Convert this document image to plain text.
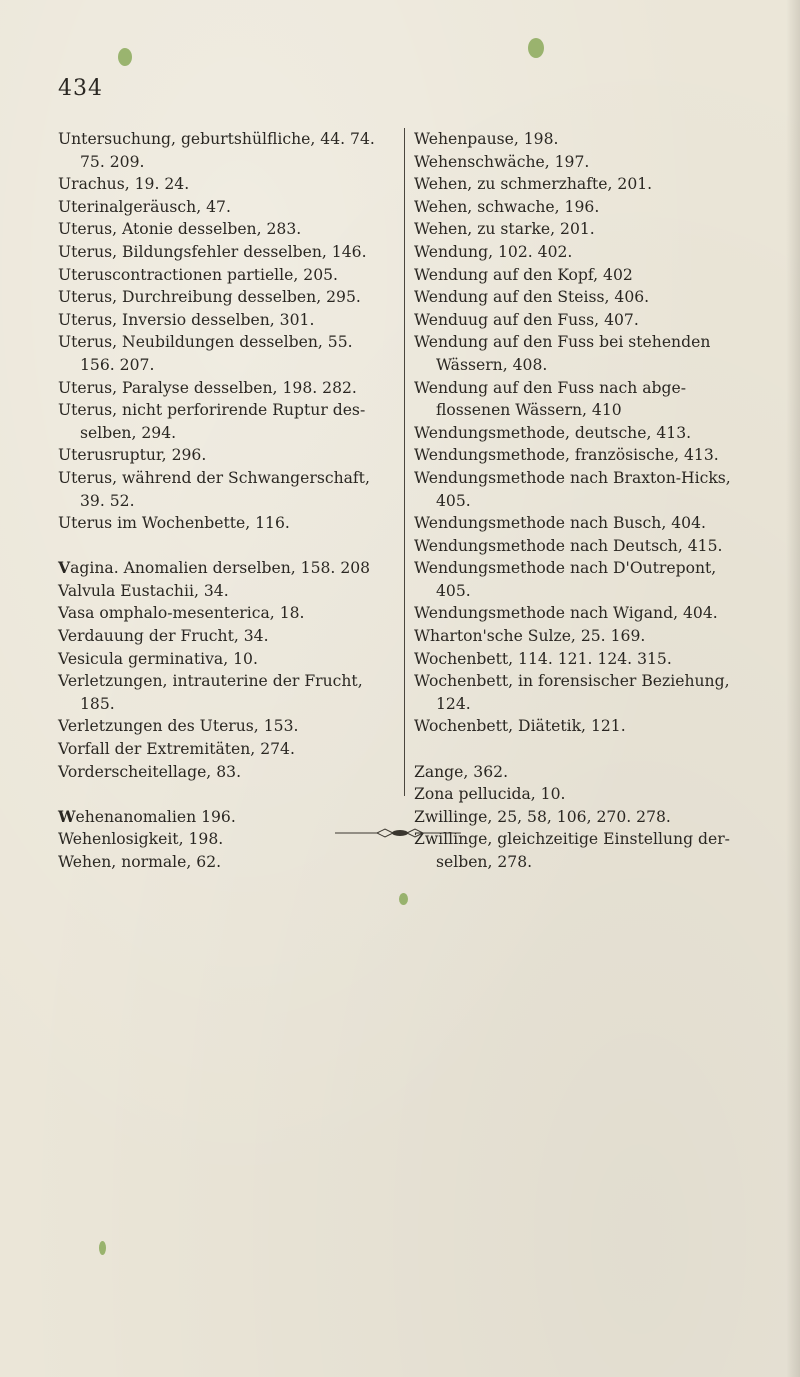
434
Untersuchung, geburtshülfliche, 44. 74.
75. 209.
Urachus, 19. 24.
Uterinalgeräusch, 47.
Uterus, Atonie desselben, 283.
Uterus, Bildungsfehler desselben, 146.
Uteruscontractionen partielle, 205.
Uterus, Durchreibung desselben, 295.
Uterus, Inversio desselben, 301.
Uterus, Neubildungen desselben, 55.
156. 207.
Uterus, Paralyse desselben, 198. 282.
Uterus, nicht perforirende Ruptur des-
selben, 294.
Uterusruptur, 296.
Uterus, während der Schwangerschaft,
39. 52.
Uterus im Wochenbette, 116.
Vagina. Anomalien derselben, 158. 208
Valvula Eustachii, 34.
Vasa omphalo-mesenterica, 18.
Verdauung der Frucht, 34.
Vesicula germinativa, 10.
Verletzungen, intrauterine der Frucht,
185.
Verletzungen des Uterus, 153.
Vorfall der Extremitäten, 274.
Vorderscheitellage, 83.
Wehenanomalien 196.
Wehenlosigkeit, 198.
Wehen, normale, 62.
Wehenpause, 198.
Wehenschwäche, 197.
Wehen, zu schmerzhafte, 201.
Wehen, schwache, 196.
Wehen, zu starke, 201.
Wendung, 102. 402.
Wendung auf den Kopf, 402
Wendung auf den Steiss, 406.
Wenduug auf den Fuss, 407.
Wendung auf den Fuss bei stehenden
Wässern, 408.
Wendung auf den Fuss nach abge-
flossenen Wässern, 410
Wendungsmethode, deutsche, 413.
Wendungsmethode, französische, 413.
Wendungsmethode nach Braxton-Hicks,
405.
Wendungsmethode nach Busch, 404.
Wendungsmethode nach Deutsch, 415.
Wendungsmethode nach D'Outrepont,
405.
Wendungsmethode nach Wigand, 404.
Wharton'sche Sulze, 25. 169.
Wochenbett, 114. 121. 124. 315.
Wochenbett, in forensischer Beziehung,
124.
Wochenbett, Diätetik, 121.
Zange, 362.
Zona pellucida, 10.
Zwillinge, 25, 58, 106, 270. 278.
Zwillinge, gleichzeitige Einstellung der-
selben, 278.
